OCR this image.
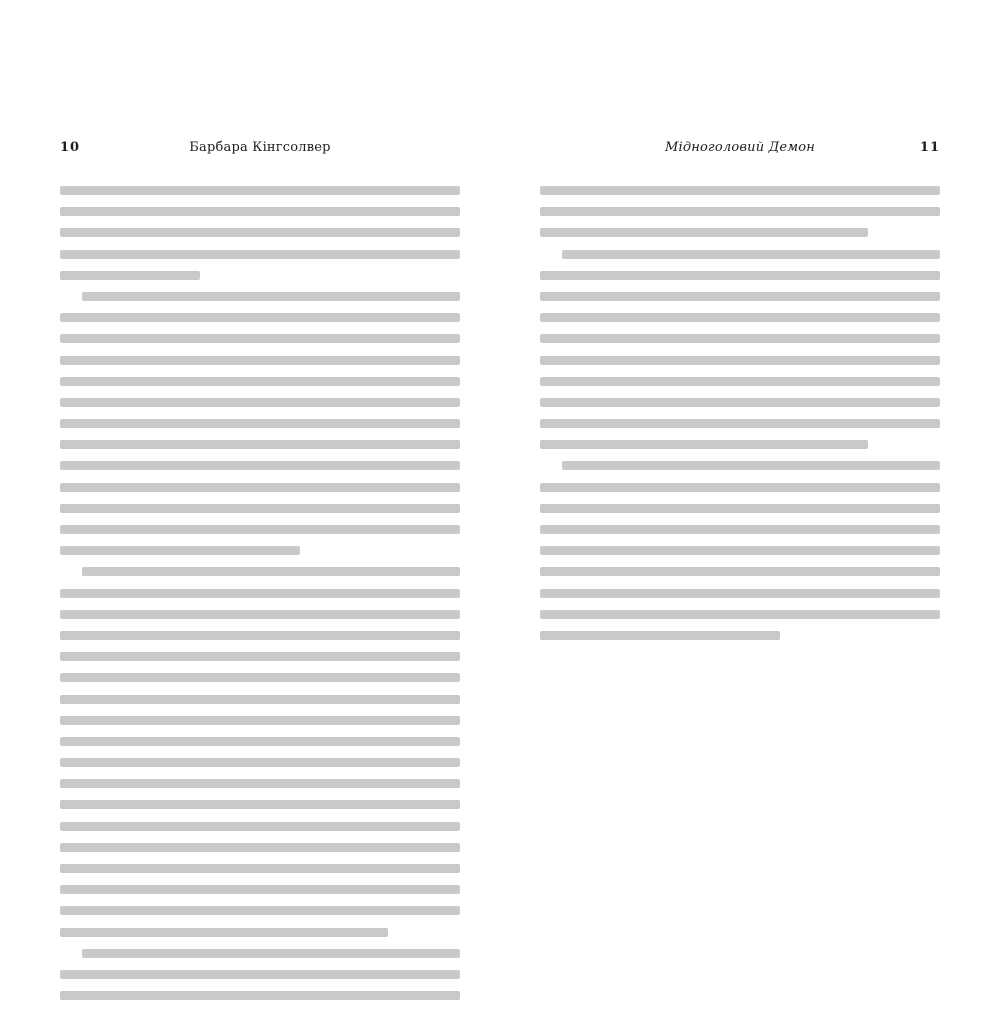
10	Барбара Кінгсолвер	Мідноголовий Демон	11
